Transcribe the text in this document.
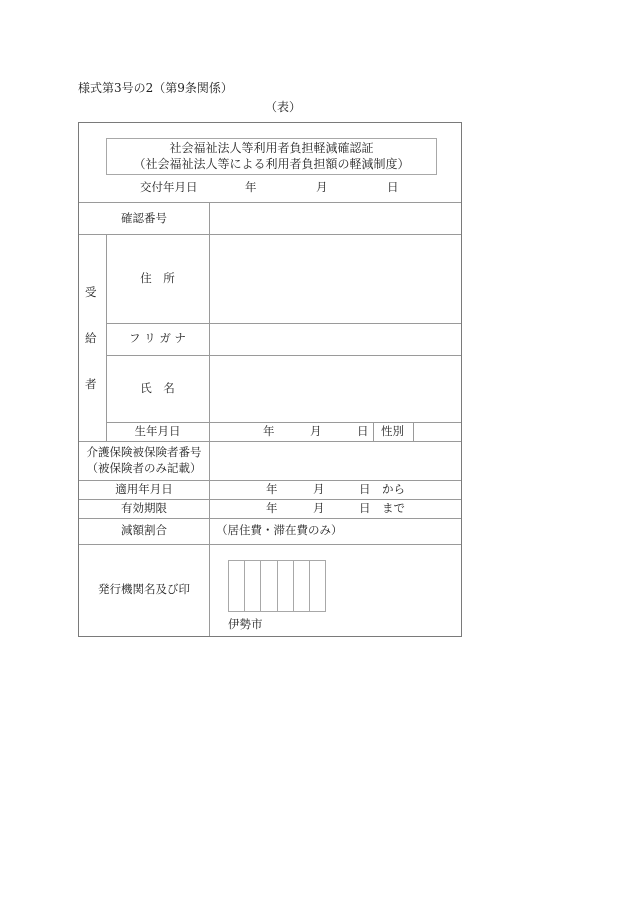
様式第3号の2（第9条関係）
（表）
社会福祉法人等利用者負担軽減確認証
（社会福祉法人等による利用者負担額の軽減制度）
交付年月日	年	月	日
確認番号
受
給
者
住　所
フ リ ガ ナ
氏　名
生年月日	年	月	日 性別
介護保険被保険者番号
（被保険者のみ記載）
適用年月日	年	月	日 から
有効期限	年	月	日 まで
減額割合	（居住費・滞在費のみ）
発行機関名及び印
伊勢市
